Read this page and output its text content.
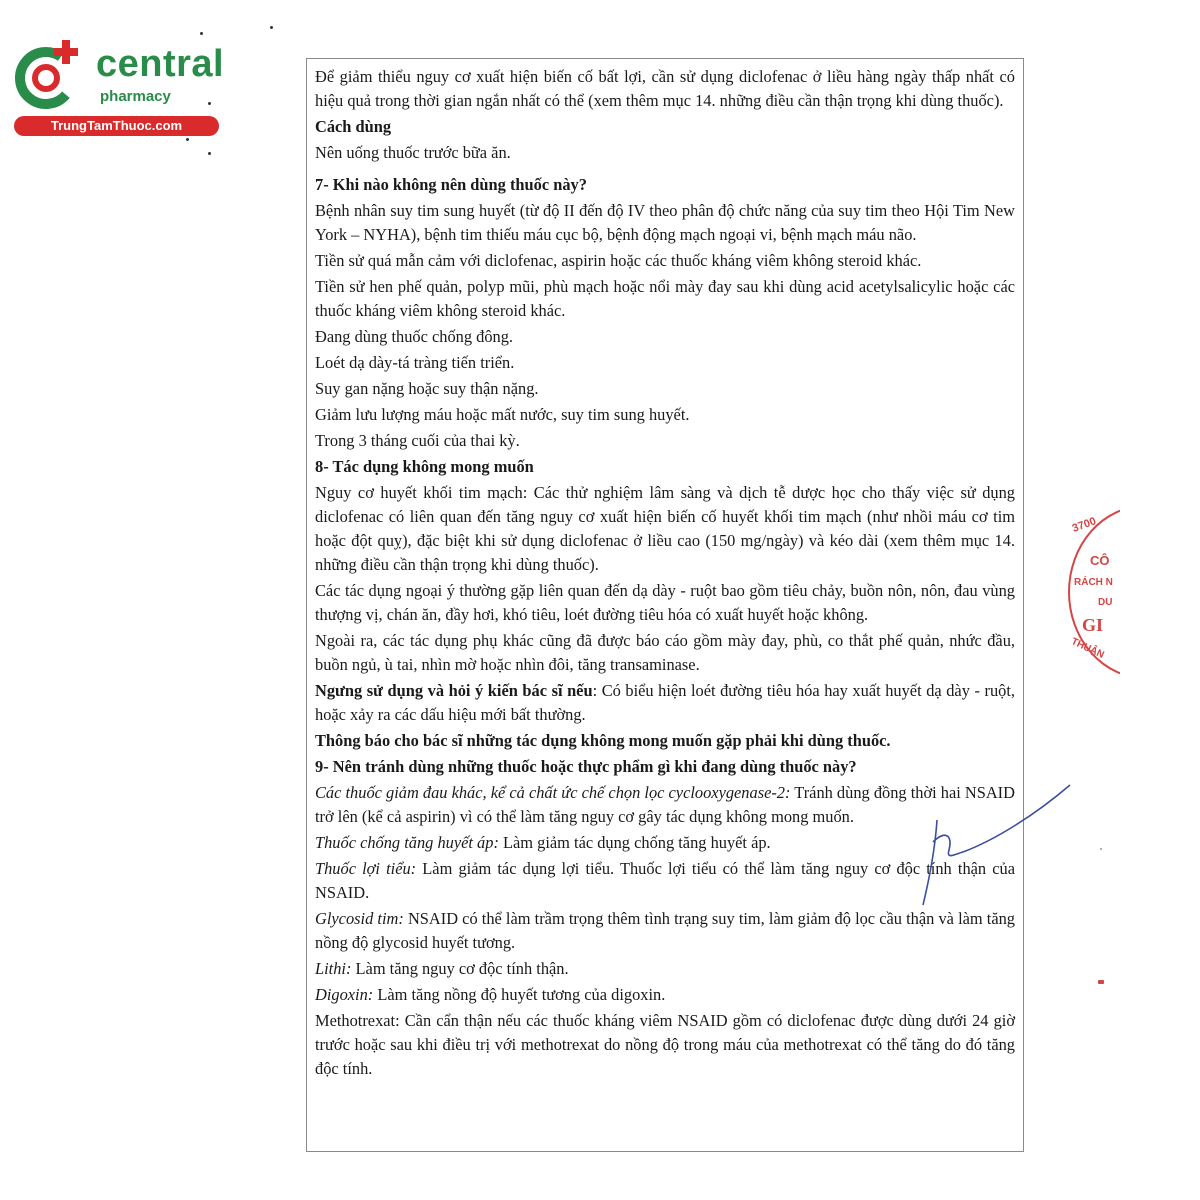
central
pharmacy
TrungTamThuoc.com

Để giảm thiểu nguy cơ xuất hiện biến cố bất lợi, cần sử dụng diclofenac ở liều hàng ngày thấp nhất có hiệu quả trong thời gian ngắn nhất có thể (xem thêm mục 14. những điều cần thận trọng khi dùng thuốc).

Cách dùng

Nên uống thuốc trước bữa ăn.

7- Khi nào không nên dùng thuốc này?

Bệnh nhân suy tim sung huyết (từ độ II đến độ IV theo phân độ chức năng của suy tim theo Hội Tim New York – NYHA), bệnh tim thiếu máu cục bộ, bệnh động mạch ngoại vi, bệnh mạch máu não.

Tiền sử quá mẫn cảm với diclofenac, aspirin hoặc các thuốc kháng viêm không steroid khác.

Tiền sử hen phế quản, polyp mũi, phù mạch hoặc nổi mày đay sau khi dùng acid acetylsalicylic hoặc các thuốc kháng viêm không steroid khác.

Đang dùng thuốc chống đông.

Loét dạ dày-tá tràng tiến triển.

Suy gan nặng hoặc suy thận nặng.

Giảm lưu lượng máu hoặc mất nước, suy tim sung huyết.

Trong 3 tháng cuối của thai kỳ.

8- Tác dụng không mong muốn

Nguy cơ huyết khối tim mạch: Các thử nghiệm lâm sàng và dịch tễ dược học cho thấy việc sử dụng diclofenac có liên quan đến tăng nguy cơ xuất hiện biến cố huyết khối tim mạch (như nhồi máu cơ tim hoặc đột quỵ), đặc biệt khi sử dụng diclofenac ở liều cao (150 mg/ngày) và kéo dài (xem thêm mục 14. những điều cần thận trọng khi dùng thuốc).

Các tác dụng ngoại ý thường gặp liên quan đến dạ dày - ruột bao gồm tiêu chảy, buồn nôn, nôn, đau vùng thượng vị, chán ăn, đầy hơi, khó tiêu, loét đường tiêu hóa có xuất huyết hoặc không.

Ngoài ra, các tác dụng phụ khác cũng đã được báo cáo gồm mày đay, phù, co thắt phế quản, nhức đầu, buồn ngủ, ù tai, nhìn mờ hoặc nhìn đôi, tăng transaminase.

Ngưng sử dụng và hỏi ý kiến bác sĩ nếu: Có biểu hiện loét đường tiêu hóa hay xuất huyết dạ dày - ruột, hoặc xảy ra các dấu hiệu mới bất thường.

Thông báo cho bác sĩ những tác dụng không mong muốn gặp phải khi dùng thuốc.
9- Nên tránh dùng những thuốc hoặc thực phẩm gì khi đang dùng thuốc này?

Các thuốc giảm đau khác, kể cả chất ức chế chọn lọc cyclooxygenase-2: Tránh dùng đồng thời hai NSAID trở lên (kể cả aspirin) vì có thể làm tăng nguy cơ gây tác dụng không mong muốn.

Thuốc chống tăng huyết áp: Làm giảm tác dụng chống tăng huyết áp.

Thuốc lợi tiểu: Làm giảm tác dụng lợi tiểu. Thuốc lợi tiểu có thể làm tăng nguy cơ độc tính thận của NSAID.

Glycosid tim: NSAID có thể làm trầm trọng thêm tình trạng suy tim, làm giảm độ lọc cầu thận và làm tăng nồng độ glycosid huyết tương.

Lithi: Làm tăng nguy cơ độc tính thận.

Digoxin: Làm tăng nồng độ huyết tương của digoxin.

Methotrexat: Cần cẩn thận nếu các thuốc kháng viêm NSAID gồm có diclofenac được dùng dưới 24 giờ trước hoặc sau khi điều trị với methotrexat do nồng độ trong máu của methotrexat có thể tăng do đó tăng độc tính.

3700
CÔ
RÁCH N
DU
GI
THUẬN
